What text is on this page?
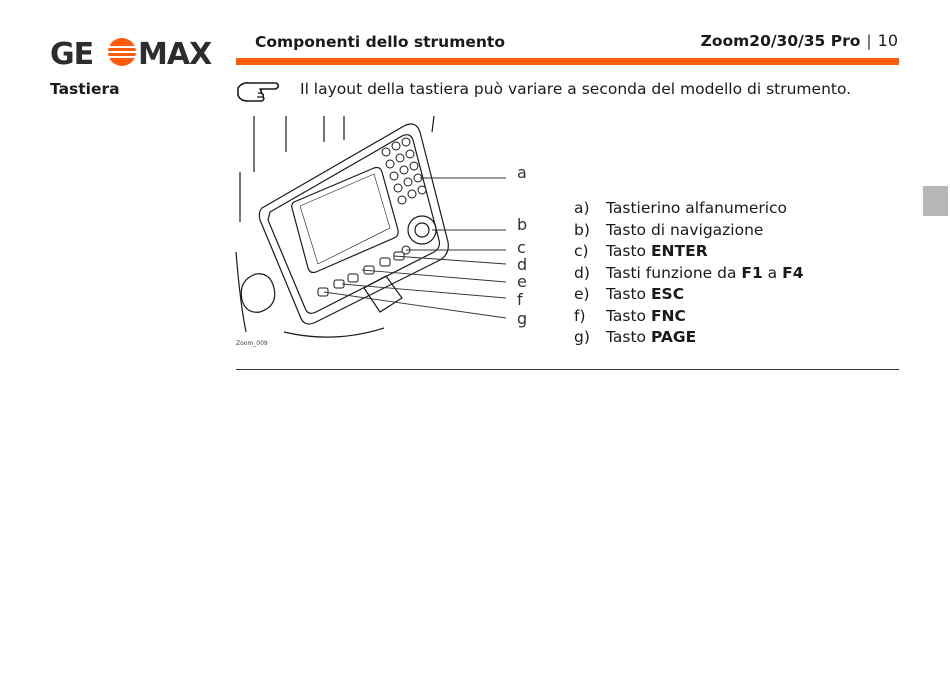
GE MAX	Componenti dello strumento	Zoom20/30/35 Pro | 10
Tastiera	Il layout della tastiera può variare a seconda del modello di strumento.
a
b
c
d
e
f
g
Zoom_009
a)	Tastierino alfanumerico
b)	Tasto di navigazione
c)	Tasto ENTER
d)	Tasti funzione da F1 a F4
e)	Tasto ESC
f)	Tasto FNC
g)	Tasto PAGE
